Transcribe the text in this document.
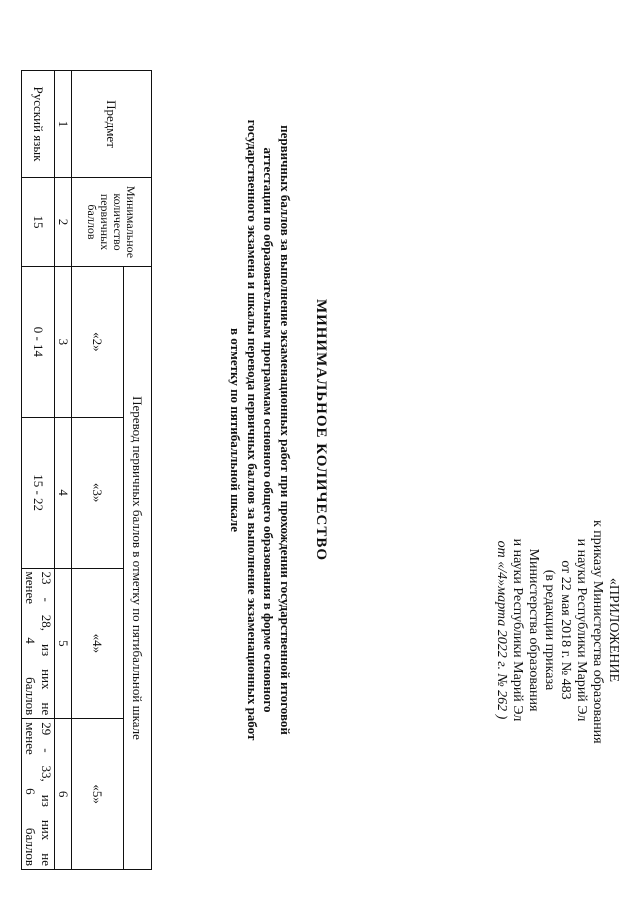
«ПРИЛОЖЕНИЕ
к приказу Министерства образования
и науки Республики Марий Эл
от 22 мая 2018 г. № 483
(в редакции приказа
Министерства образования
и науки Республики Марий Эл
от «/4»марта 2022 г. № 262 )
МИНИМАЛЬНОЕ КОЛИЧЕСТВО
первичных баллов за выполнение экзаменационных работ при прохождении государственной итоговой
аттестации по образовательным программам основного общего образования в форме основного
государственного экзамена и шкалы перевода первичных баллов за выполнение экзаменационных работ
в отметку по пятибалльной шкале
Предмет	Минимальное количество первичных баллов	Перевод первичных баллов в отметку по пятибалльной шкале			
		«2»	«3»	«4»	«5»
1	2	3	4	5	6
Русский язык	15	0 - 14	15 - 22	23 - 28, из них не менее 4 баллов	29 - 33, из них не менее 6 баллов
